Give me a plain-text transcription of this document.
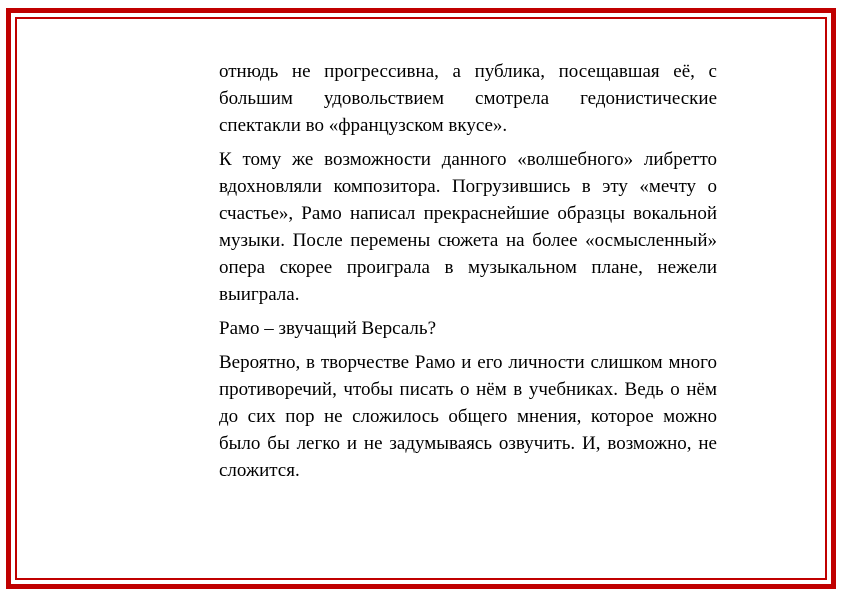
отнюдь не прогрессивна, а публика, посещавшая её, с большим удовольствием смотрела гедонистические спектакли во «французском вкусе».

К тому же возможности данного «волшебного» либретто вдохновляли композитора. Погрузившись в эту «мечту о счастье», Рамо написал прекраснейшие образцы вокальной музыки. После перемены сюжета на более «осмысленный» опера скорее проиграла в музыкальном плане, нежели выиграла.

Рамо – звучащий Версаль?

Вероятно, в творчестве Рамо и его личности слишком много противоречий, чтобы писать о нём в учебниках. Ведь о нём до сих пор не сложилось общего мнения, которое можно было бы легко и не задумываясь озвучить. И, возможно, не сложится.
